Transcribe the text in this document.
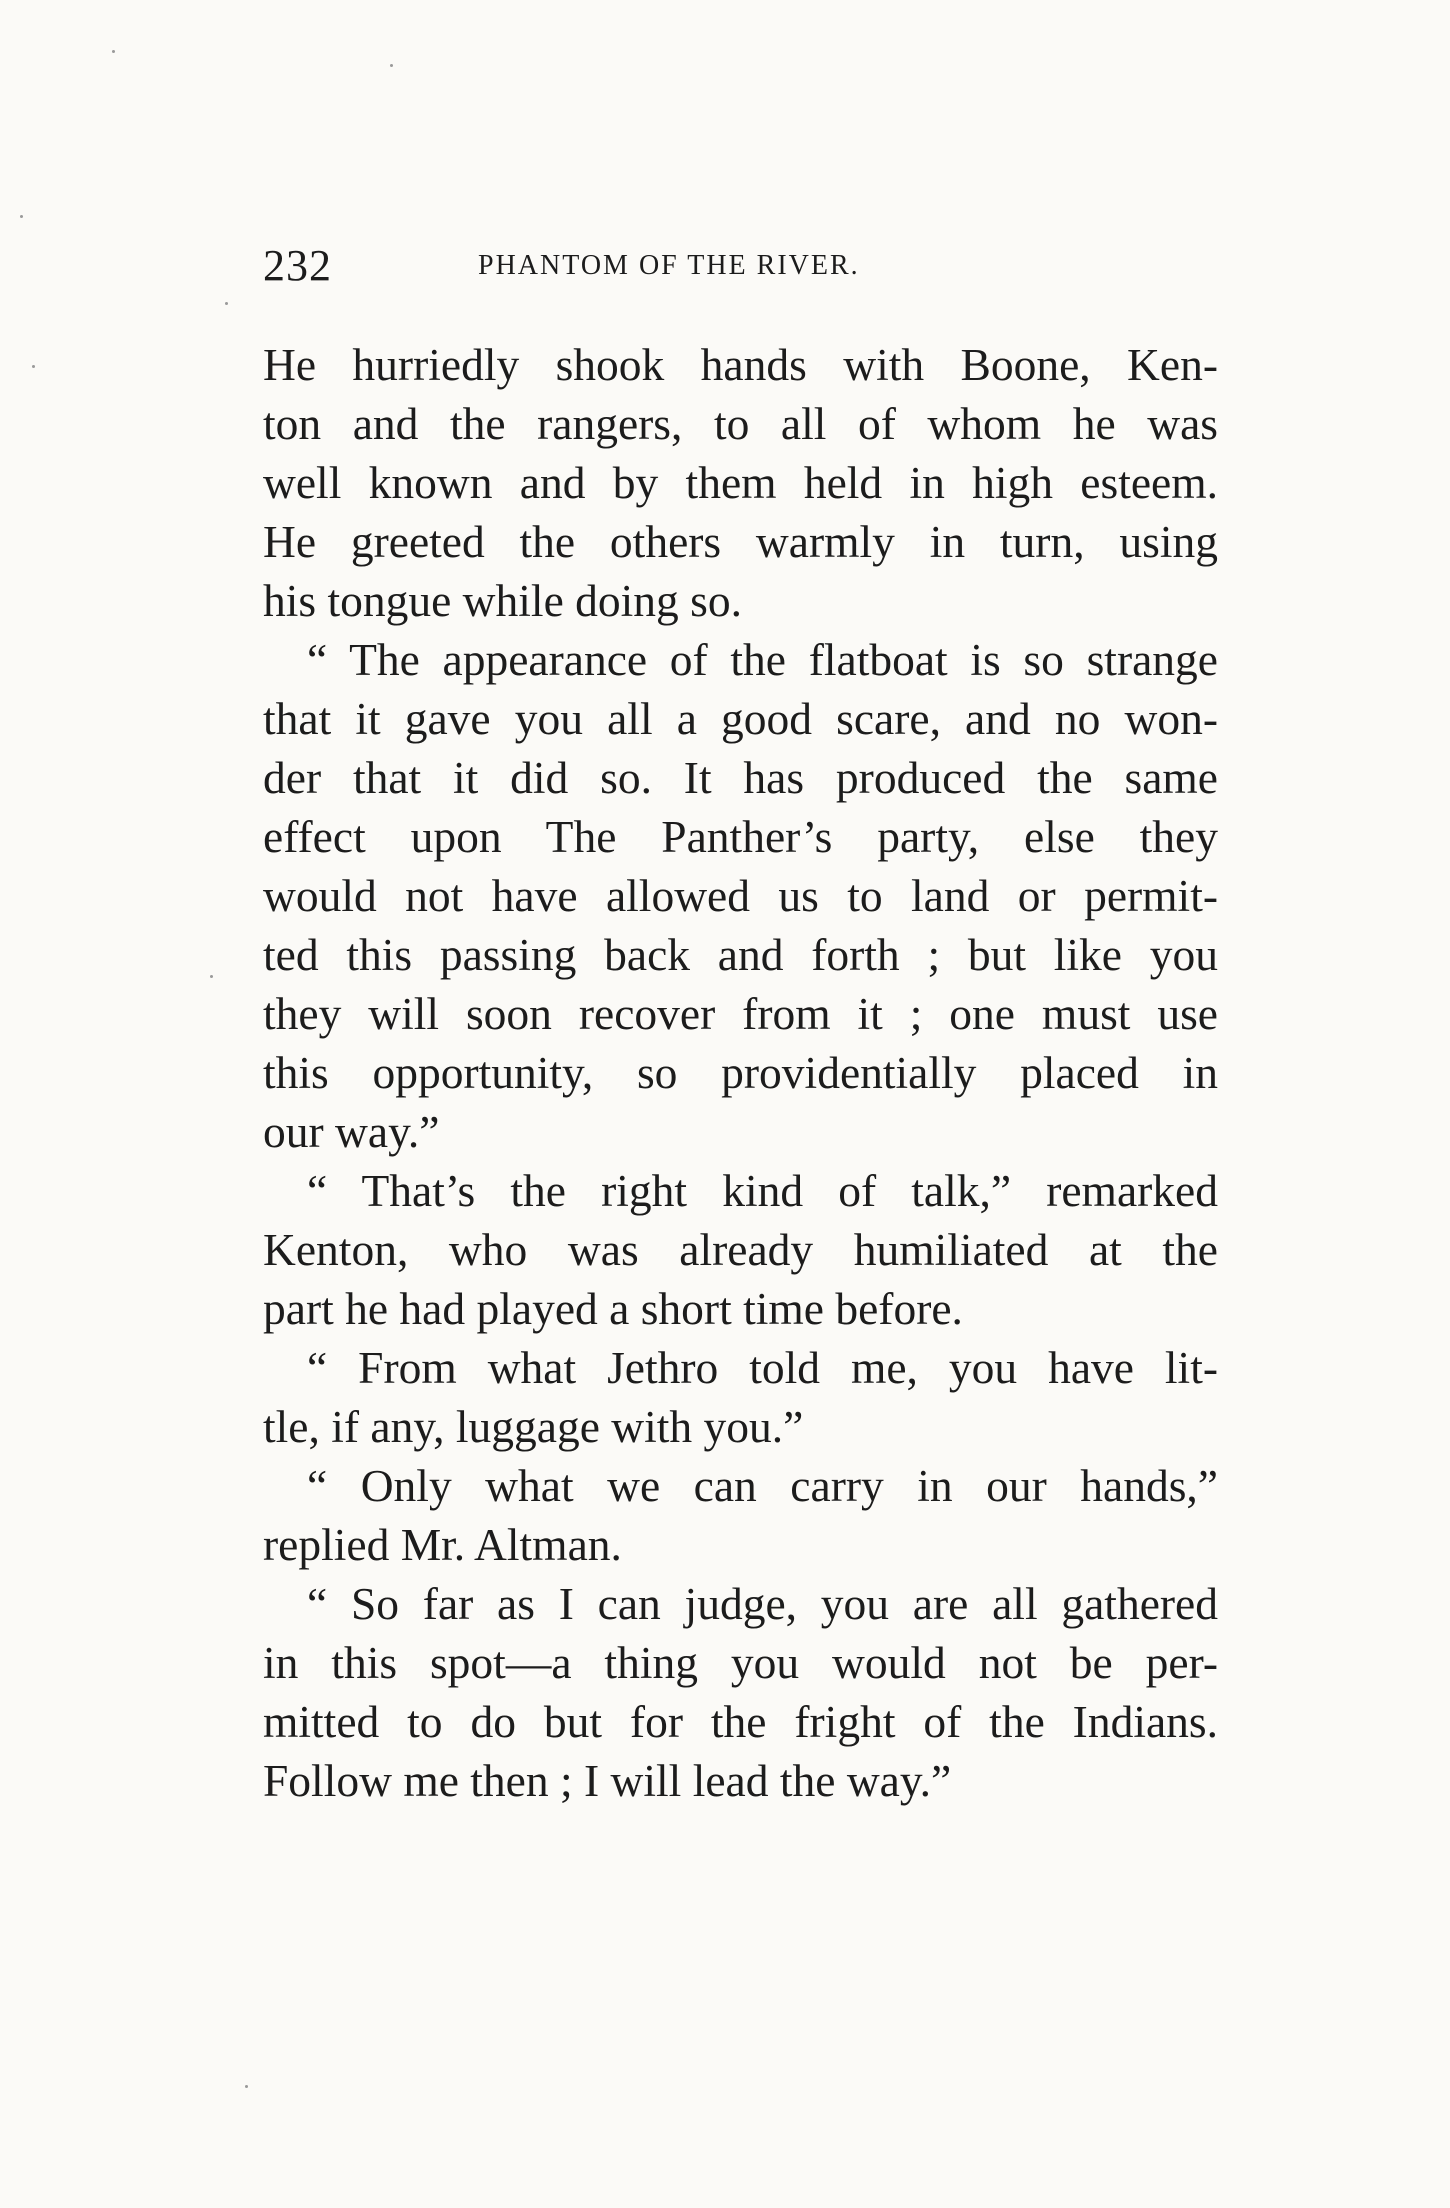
232	PHANTOM OF THE RIVER.

He hurriedly shook hands with Boone, Ken-
ton and the rangers, to all of whom he was
well known and by them held in high esteem.
He greeted the others warmly in turn, using
his tongue while doing so.

“ The appearance of the flatboat is so strange
that it gave you all a good scare, and no won-
der that it did so. It has produced the same
effect upon The Panther’s party, else they
would not have allowed us to land or permit-
ted this passing back and forth ; but like you
they will soon recover from it ; one must use
this opportunity, so providentially placed in
our way.”

“ That’s the right kind of talk,” remarked
Kenton, who was already humiliated at the
part he had played a short time before.

“ From what Jethro told me, you have lit-
tle, if any, luggage with you.”

“ Only what we can carry in our hands,”
replied Mr. Altman.

“ So far as I can judge, you are all gathered
in this spot—a thing you would not be per-
mitted to do but for the fright of the Indians.
Follow me then ; I will lead the way.”
